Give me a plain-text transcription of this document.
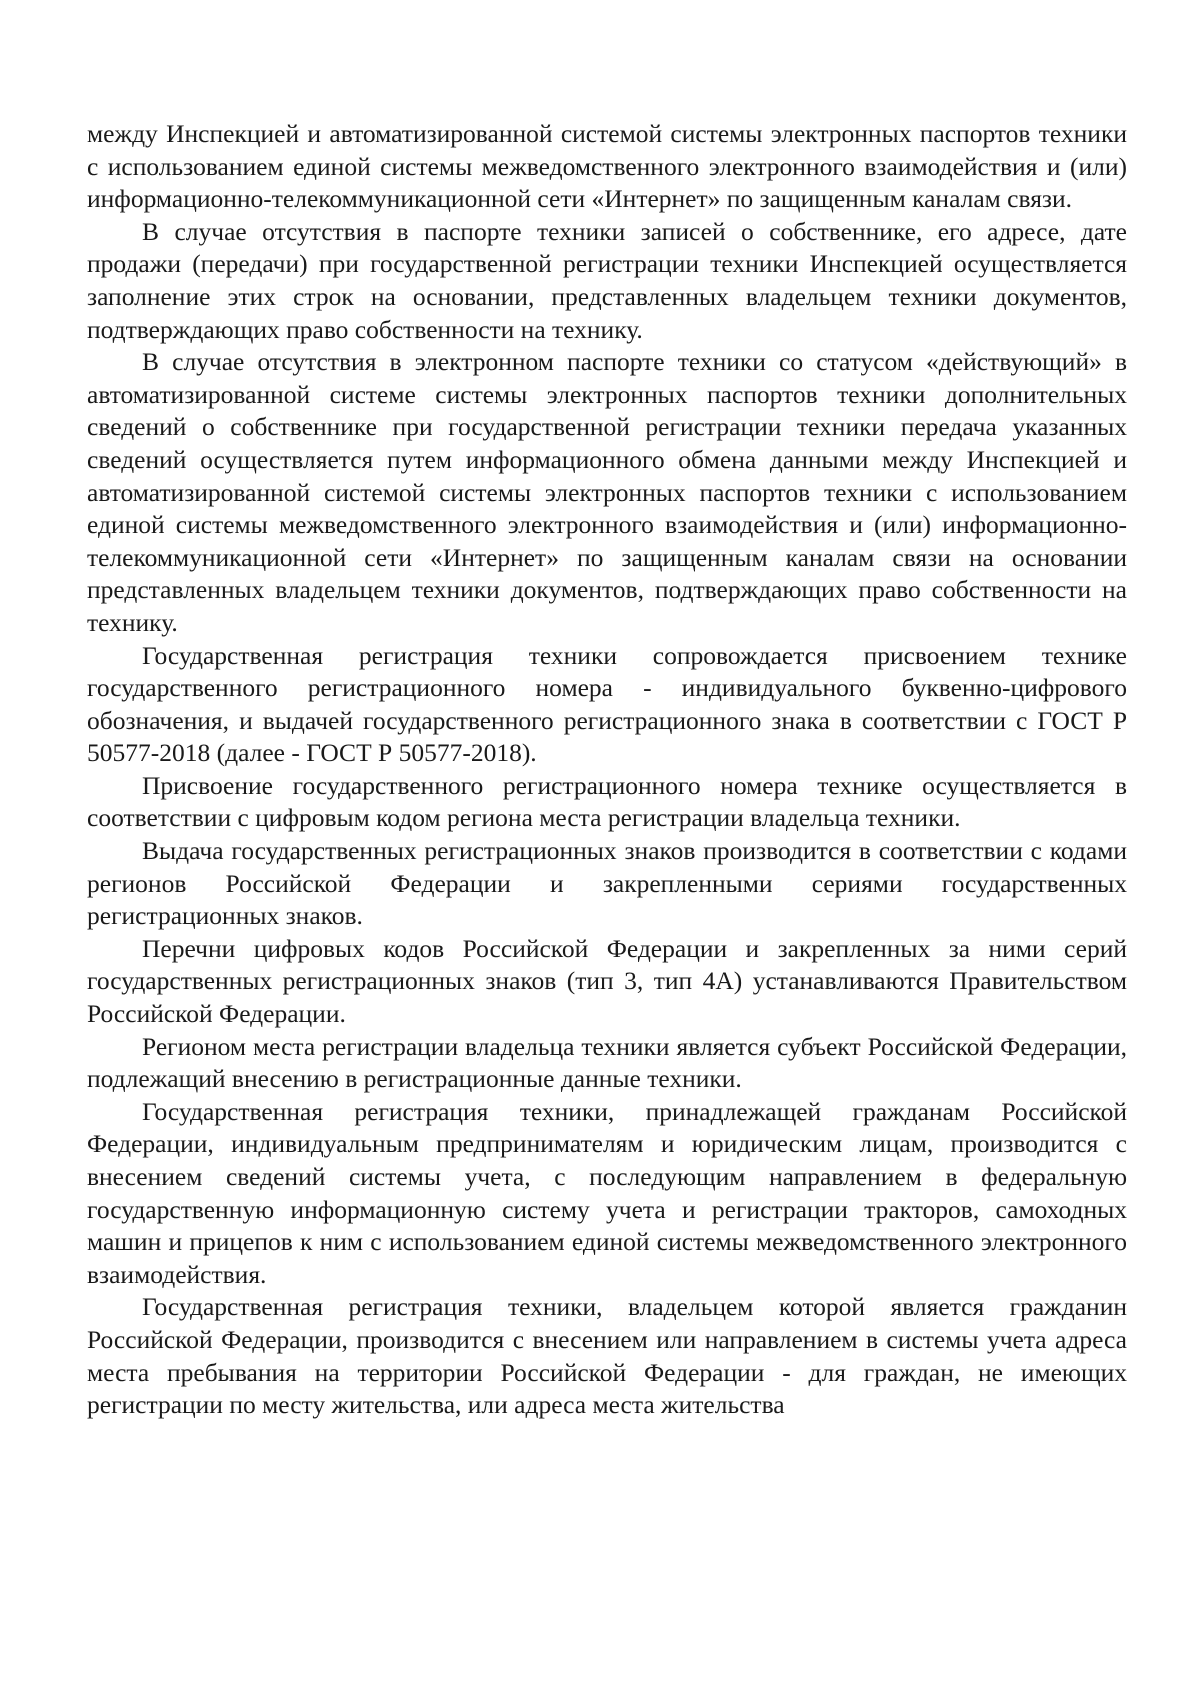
между Инспекцией и автоматизированной системой системы электронных паспортов техники с использованием единой системы межведомственного электронного взаимодействия и (или) информационно-телекоммуникационной сети «Интернет» по защищенным каналам связи.

В случае отсутствия в паспорте техники записей о собственнике, его адресе, дате продажи (передачи) при государственной регистрации техники Инспекцией осуществляется заполнение этих строк на основании, представленных владельцем техники документов, подтверждающих право собственности на технику.

В случае отсутствия в электронном паспорте техники со статусом «действующий» в автоматизированной системе системы электронных паспортов техники дополнительных сведений о собственнике при государственной регистрации техники передача указанных сведений осуществляется путем информационного обмена данными между Инспекцией и автоматизированной системой системы электронных паспортов техники с использованием единой системы межведомственного электронного взаимодействия и (или) информационно-телекоммуникационной сети «Интернет» по защищенным каналам связи на основании представленных владельцем техники документов, подтверждающих право собственности на технику.

Государственная регистрация техники сопровождается присвоением технике государственного регистрационного номера - индивидуального буквенно-цифрового обозначения, и выдачей государственного регистрационного знака в соответствии с ГОСТ Р 50577-2018 (далее - ГОСТ Р 50577-2018).

Присвоение государственного регистрационного номера технике осуществляется в соответствии с цифровым кодом региона места регистрации владельца техники.

Выдача государственных регистрационных знаков производится в соответствии с кодами регионов Российской Федерации и закрепленными сериями государственных регистрационных знаков.

Перечни цифровых кодов Российской Федерации и закрепленных за ними серий государственных регистрационных знаков (тип 3, тип 4А) устанавливаются Правительством Российской Федерации.

Регионом места регистрации владельца техники является субъект Российской Федерации, подлежащий внесению в регистрационные данные техники.

Государственная регистрация техники, принадлежащей гражданам Российской Федерации, индивидуальным предпринимателям и юридическим лицам, производится с внесением сведений системы учета, с последующим направлением в федеральную государственную информационную систему учета и регистрации тракторов, самоходных машин и прицепов к ним с использованием единой системы межведомственного электронного взаимодействия.

Государственная регистрация техники, владельцем которой является гражданин Российской Федерации, производится с внесением или направлением в системы учета адреса места пребывания на территории Российской Федерации - для граждан, не имеющих регистрации по месту жительства, или адреса места жительства
